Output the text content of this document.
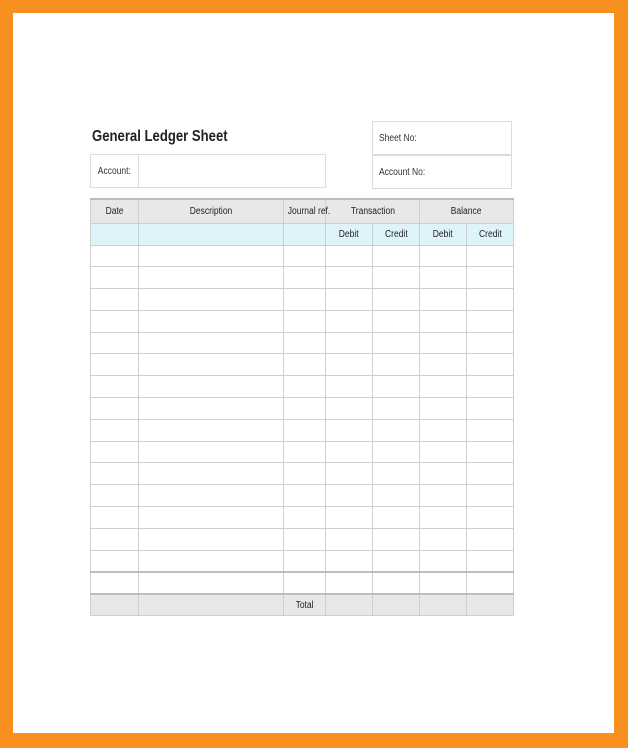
General Ledger Sheet
Account:
Sheet No:
Account No:
Date	Description	Journal ref.	Transaction		Balance	
			Debit	Credit	Debit	Credit

		Total				
